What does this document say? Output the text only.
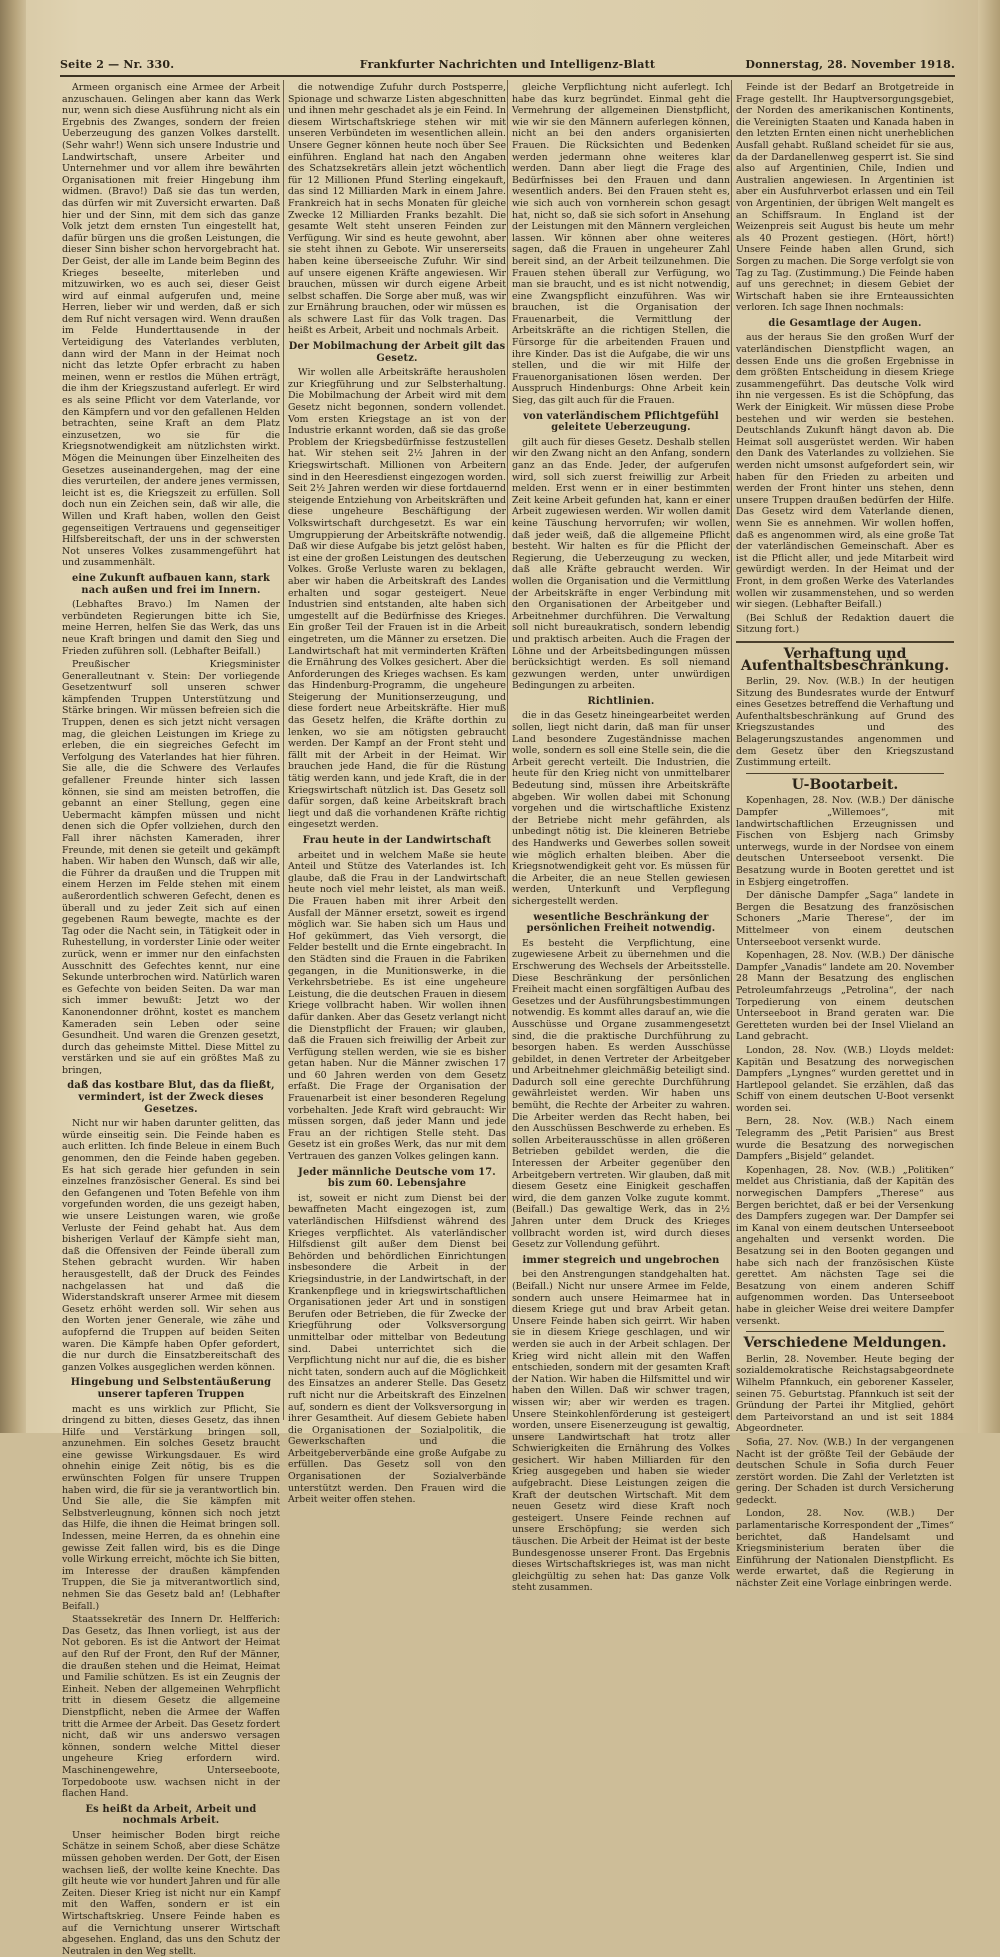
Seite 2 — Nr. 330.	Frankfurter Nachrichten und Intelligenz-Blatt	Donnerstag, 28. November 1918.

Armeen organisch eine Armee der Arbeit anzuschauen. Gelingen aber kann das Werk nur, wenn sich diese Ausführung nicht als ein Ergebnis des Zwanges, sondern der freien Ueberzeugung des ganzen Volkes darstellt. (Sehr wahr!) Wenn sich unsere Industrie und Landwirtschaft, unsere Arbeiter und Unternehmer und vor allem ihre bewährten Organisationen mit freier Hingebung ihm widmen. (Bravo!) Daß sie das tun werden, das dürfen wir mit Zuversicht erwarten. Daß hier und der Sinn, mit dem sich das ganze Volk jetzt dem ernsten Tun eingestellt hat, dafür bürgen uns die großen Leistungen, die dieser Sinn bisher schon hervorgebracht hat. Der Geist, der alle im Lande beim Beginn des Krieges beseelte, miterleben und mitzuwirken, wo es auch sei, dieser Geist wird auf einmal aufgerufen und, meine Herren, lieber wir und werden, daß er sich dem Ruf nicht versagen wird. Wenn draußen im Felde Hunderttausende in der Verteidigung des Vaterlandes verbluten, dann wird der Mann in der Heimat noch nicht das letzte Opfer erbracht zu haben meinen, wenn er restlos die Mühen erträgt, die ihm der Kriegszustand auferlegt. Er wird es als seine Pflicht vor dem Vaterlande, vor den Kämpfern und vor den gefallenen Helden betrachten, seine Kraft an dem Platz einzusetzen, wo sie für die Kriegsnotwendigkeit am nützlichsten wirkt. Mögen die Meinungen über Einzelheiten des Gesetzes auseinandergehen, mag der eine dies verurteilen, der andere jenes vermissen, leicht ist es, die Kriegszeit zu erfüllen. Soll doch nun ein Zeichen sein, daß wir alle, die Willen und Kraft haben, wollen den Geist gegenseitigen Vertrauens und gegenseitiger Hilfsbereitschaft, der uns in der schwersten Not unseres Volkes zusammengeführt hat und zusammenhält.

eine Zukunft aufbauen kann, stark nach außen und frei im Innern.

(Lebhaftes Bravo.) Im Namen der verbündeten Regierungen bitte ich Sie, meine Herren, helfen Sie das Werk, das uns neue Kraft bringen und damit den Sieg und Frieden zuführen soll. (Lebhafter Beifall.)

Preußischer Kriegsminister Generalleutnant v. Stein: Der vorliegende Gesetzentwurf soll unseren schwer kämpfenden Truppen Unterstützung und Stärke bringen. Wir müssen befreien sich die Truppen, denen es sich jetzt nicht versagen mag, die gleichen Leistungen im Kriege zu erleben, die ein siegreiches Gefecht im Verfolgung des Vaterlandes hat hier führen. Sie alle, die die Schwere des Verlaufes gefallener Freunde hinter sich lassen können, sie sind am meisten betroffen, die gebannt an einer Stellung, gegen eine Uebermacht kämpfen müssen und nicht denen sich die Opfer vollziehen, durch den Fall ihrer nächsten Kameraden, ihrer Freunde, mit denen sie geteilt und gekämpft haben. Wir haben den Wunsch, daß wir alle, die Führer da draußen und die Truppen mit einem Herzen im Felde stehen mit einem außerordentlich schweren Gefecht, denen es überall und zu jeder Zeit sich auf einen gegebenen Raum bewegte, machte es der Tag oder die Nacht sein, in Tätigkeit oder in Ruhestellung, in vorderster Linie oder weiter zurück, wenn er immer nur den einfachsten Ausschnitt des Gefechtes kennt, nur eine Sekunde unterbrochen wird. Natürlich waren es Gefechte von beiden Seiten. Da war man sich immer bewußt: Jetzt wo der Kanonendonner dröhnt, kostet es manchem Kameraden sein Leben oder seine Gesundheit. Und waren die Grenzen gesetzt, durch das geheimste Mittel. Diese Mittel zu verstärken und sie auf ein größtes Maß zu bringen,

daß das kostbare Blut, das da fließt, vermindert, ist der Zweck dieses Gesetzes.

Nicht nur wir haben darunter gelitten, das würde einseitig sein. Die Feinde haben es auch erlitten. Ich finde Beleue in einem Buch genommen, den die Feinde haben gegeben. Es hat sich gerade hier gefunden in sein einzelnes französischer General. Es sind bei den Gefangenen und Toten Befehle von ihm vorgefunden worden, die uns gezeigt haben, wie unsere Leistungen waren, wie große Verluste der Feind gehabt hat. Aus dem bisherigen Verlauf der Kämpfe sieht man, daß die Offensiven der Feinde überall zum Stehen gebracht wurden. Wir haben herausgestellt, daß der Druck des Feindes nachgelassen hat und daß die Widerstandskraft unserer Armee mit diesem Gesetz erhöht werden soll. Wir sehen aus den Worten jener Generale, wie zähe und aufopfernd die Truppen auf beiden Seiten waren. Die Kämpfe haben Opfer gefordert, die nur durch die Einsatzbereitschaft des ganzen Volkes ausgeglichen werden können.

Hingebung und Selbstentäußerung unserer tapferen Truppen

macht es uns wirklich zur Pflicht, Sie dringend zu bitten, dieses Gesetz, das ihnen Hilfe und Verstärkung bringen soll, anzunehmen. Ein solches Gesetz braucht eine gewisse Wirkungsdauer. Es wird ohnehin einige Zeit nötig, bis es die erwünschten Folgen für unsere Truppen haben wird, die für sie ja verantwortlich bin. Und Sie alle, die Sie kämpfen mit Selbstverleugnung, können sich noch jetzt das Hilfe, die ihnen die Heimat bringen soll. Indessen, meine Herren, da es ohnehin eine gewisse Zeit fallen wird, bis es die Dinge volle Wirkung erreicht, möchte ich Sie bitten, im Interesse der draußen kämpfenden Truppen, die Sie ja mitverantwortlich sind, nehmen Sie das Gesetz bald an! (Lebhafter Beifall.)

Staatssekretär des Innern Dr. Helfferich: Das Gesetz, das Ihnen vorliegt, ist aus der Not geboren. Es ist die Antwort der Heimat auf den Ruf der Front, den Ruf der Männer, die draußen stehen und die Heimat, Heimat und Familie schützen. Es ist ein Zeugnis der Einheit. Neben der allgemeinen Wehrpflicht tritt in diesem Gesetz die allgemeine Dienstpflicht, neben die Armee der Waffen tritt die Armee der Arbeit. Das Gesetz fordert nicht, daß wir uns anderswo versagen können, sondern welche Mittel dieser ungeheure Krieg erfordern wird. Maschinengewehre, Unterseeboote, Torpedoboote usw. wachsen nicht in der flachen Hand.

Es heißt da Arbeit, Arbeit und nochmals Arbeit.

Unser heimischer Boden birgt reiche Schätze in seinem Schoß, aber diese Schätze müssen gehoben werden. Der Gott, der Eisen wachsen ließ, der wollte keine Knechte. Das gilt heute wie vor hundert Jahren und für alle Zeiten. Dieser Krieg ist nicht nur ein Kampf mit den Waffen, sondern er ist ein Wirtschaftskrieg. Unsere Feinde haben es auf die Vernichtung unserer Wirtschaft abgesehen. England, das uns den Schutz der Neutralen in den Weg stellt.

die notwendige Zufuhr durch Postsperre, Spionage und schwarze Listen abgeschnitten und ihnen mehr geschadet als je ein Feind. In diesem Wirtschaftskriege stehen wir mit unseren Verbündeten im wesentlichen allein. Unsere Gegner können heute noch über See einführen. England hat nach den Angaben des Schatzsekretärs allein jetzt wöchentlich für 12 Millionen Pfund Sterling eingekauft, das sind 12 Milliarden Mark in einem Jahre. Frankreich hat in sechs Monaten für gleiche Zwecke 12 Milliarden Franks bezahlt. Die gesamte Welt steht unseren Feinden zur Verfügung. Wir sind es heute gewohnt, aber sie steht ihnen zu Gebote. Wir unsererseits haben keine überseeische Zufuhr. Wir sind auf unsere eigenen Kräfte angewiesen. Wir brauchen, müssen wir durch eigene Arbeit selbst schaffen. Die Sorge aber muß, was wir zur Ernährung brauchen, oder wir müssen es als schwere Last für das Volk tragen. Das heißt es Arbeit, Arbeit und nochmals Arbeit.

Der Mobilmachung der Arbeit gilt das Gesetz.

Wir wollen alle Arbeitskräfte herausholen zur Kriegführung und zur Selbsterhaltung. Die Mobilmachung der Arbeit wird mit dem Gesetz nicht begonnen, sondern vollendet. Vom ersten Kriegstage an ist von der Industrie erkannt worden, daß sie das große Problem der Kriegsbedürfnisse festzustellen hat. Wir stehen seit 2½ Jahren in der Kriegswirtschaft. Millionen von Arbeitern sind in den Heeresdienst eingezogen worden. Seit 2½ Jahren werden wir diese fortdauernd steigende Entziehung von Arbeitskräften und diese ungeheure Beschäftigung der Volkswirtschaft durchgesetzt. Es war ein Umgruppierung der Arbeitskräfte notwendig. Daß wir diese Aufgabe bis jetzt gelöst haben, ist eine der großen Leistungen des deutschen Volkes. Große Verluste waren zu beklagen, aber wir haben die Arbeitskraft des Landes erhalten und sogar gesteigert. Neue Industrien sind entstanden, alte haben sich umgestellt auf die Bedürfnisse des Krieges. Ein großer Teil der Frauen ist in die Arbeit eingetreten, um die Männer zu ersetzen. Die Landwirtschaft hat mit verminderten Kräften die Ernährung des Volkes gesichert. Aber die Anforderungen des Krieges wachsen. Es kam das Hindenburg-Programm, die ungeheure Steigerung der Munitionserzeugung, und diese fordert neue Arbeitskräfte. Hier muß das Gesetz helfen, die Kräfte dorthin zu lenken, wo sie am nötigsten gebraucht werden. Der Kampf an der Front steht und fällt mit der Arbeit in der Heimat. Wir brauchen jede Hand, die für die Rüstung tätig werden kann, und jede Kraft, die in der Kriegswirtschaft nützlich ist. Das Gesetz soll dafür sorgen, daß keine Arbeitskraft brach liegt und daß die vorhandenen Kräfte richtig eingesetzt werden.

Frau heute in der Landwirtschaft

arbeitet und in welchem Maße sie heute Anteil und Stütze des Vaterlandes ist. Ich glaube, daß die Frau in der Landwirtschaft heute noch viel mehr leistet, als man weiß. Die Frauen haben mit ihrer Arbeit den Ausfall der Männer ersetzt, soweit es irgend möglich war. Sie haben sich um Haus und Hof gekümmert, das Vieh versorgt, die Felder bestellt und die Ernte eingebracht. In den Städten sind die Frauen in die Fabriken gegangen, in die Munitionswerke, in die Verkehrsbetriebe. Es ist eine ungeheure Leistung, die die deutschen Frauen in diesem Kriege vollbracht haben. Wir wollen ihnen dafür danken. Aber das Gesetz verlangt nicht die Dienstpflicht der Frauen; wir glauben, daß die Frauen sich freiwillig der Arbeit zur Verfügung stellen werden, wie sie es bisher getan haben. Nur die Männer zwischen 17 und 60 Jahren werden von dem Gesetz erfaßt. Die Frage der Organisation der Frauenarbeit ist einer besonderen Regelung vorbehalten. Jede Kraft wird gebraucht: Wir müssen sorgen, daß jeder Mann und jede Frau an der richtigen Stelle steht. Das Gesetz ist ein großes Werk, das nur mit dem Vertrauen des ganzen Volkes gelingen kann.

Jeder männliche Deutsche vom 17. bis zum 60. Lebensjahre

ist, soweit er nicht zum Dienst bei der bewaffneten Macht eingezogen ist, zum vaterländischen Hilfsdienst während des Krieges verpflichtet. Als vaterländischer Hilfsdienst gilt außer dem Dienst bei Behörden und behördlichen Einrichtungen insbesondere die Arbeit in der Kriegsindustrie, in der Landwirtschaft, in der Krankenpflege und in kriegswirtschaftlichen Organisationen jeder Art und in sonstigen Berufen oder Betrieben, die für Zwecke der Kriegführung oder Volksversorgung unmittelbar oder mittelbar von Bedeutung sind. Dabei unterrichtet sich die Verpflichtung nicht nur auf die, die es bisher nicht taten, sondern auch auf die Möglichkeit des Einsatzes an anderer Stelle. Das Gesetz ruft nicht nur die Arbeitskraft des Einzelnen auf, sondern es dient der Volksversorgung in ihrer Gesamtheit. Auf diesem Gebiete haben die Organisationen der Sozialpolitik, die Gewerkschaften und die Arbeitgeberverbände eine große Aufgabe zu erfüllen. Das Gesetz soll von den Organisationen der Sozialverbände unterstützt werden. Den Frauen wird die Arbeit weiter offen stehen.

gleiche Verpflichtung nicht auferlegt. Ich habe das kurz begründet. Einmal geht die Vermehrung der allgemeinen Dienstpflicht, wie wir sie den Männern auferlegen können, nicht an bei den anders organisierten Frauen. Die Rücksichten und Bedenken werden jedermann ohne weiteres klar werden. Dann aber liegt die Frage des Bedürfnisses bei den Frauen und dann wesentlich anders. Bei den Frauen steht es, wie sich auch von vornherein schon gesagt hat, nicht so, daß sie sich sofort in Ansehung der Leistungen mit den Männern vergleichen lassen. Wir können aber ohne weiteres sagen, daß die Frauen in ungeheurer Zahl bereit sind, an der Arbeit teilzunehmen. Die Frauen stehen überall zur Verfügung, wo man sie braucht, und es ist nicht notwendig, eine Zwangspflicht einzuführen. Was wir brauchen, ist die Organisation der Frauenarbeit, die Vermittlung der Arbeitskräfte an die richtigen Stellen, die Fürsorge für die arbeitenden Frauen und ihre Kinder. Das ist die Aufgabe, die wir uns stellen, und die wir mit Hilfe der Frauenorganisationen lösen werden. Der Ausspruch Hindenburgs: Ohne Arbeit kein Sieg, das gilt auch für die Frauen.

von vaterländischem Pflichtgefühl geleitete Ueberzeugung.

gilt auch für dieses Gesetz. Deshalb stellen wir den Zwang nicht an den Anfang, sondern ganz an das Ende. Jeder, der aufgerufen wird, soll sich zuerst freiwillig zur Arbeit melden. Erst wenn er in einer bestimmten Zeit keine Arbeit gefunden hat, kann er einer Arbeit zugewiesen werden. Wir wollen damit keine Täuschung hervorrufen; wir wollen, daß jeder weiß, daß die allgemeine Pflicht besteht. Wir halten es für die Pflicht der Regierung, die Ueberzeugung zu wecken, daß alle Kräfte gebraucht werden. Wir wollen die Organisation und die Vermittlung der Arbeitskräfte in enger Verbindung mit den Organisationen der Arbeitgeber und Arbeitnehmer durchführen. Die Verwaltung soll nicht bureaukratisch, sondern lebendig und praktisch arbeiten. Auch die Fragen der Löhne und der Arbeitsbedingungen müssen berücksichtigt werden. Es soll niemand gezwungen werden, unter unwürdigen Bedingungen zu arbeiten.

Richtlinien.

die in das Gesetz hineingearbeitet werden sollen, liegt nicht darin, daß man für unser Land besondere Zugeständnisse machen wolle, sondern es soll eine Stelle sein, die die Arbeit gerecht verteilt. Die Industrien, die heute für den Krieg nicht von unmittelbarer Bedeutung sind, müssen ihre Arbeitskräfte abgeben. Wir wollen dabei mit Schonung vorgehen und die wirtschaftliche Existenz der Betriebe nicht mehr gefährden, als unbedingt nötig ist. Die kleineren Betriebe des Handwerks und Gewerbes sollen soweit wie möglich erhalten bleiben. Aber die Kriegsnotwendigkeit geht vor. Es müssen für die Arbeiter, die an neue Stellen gewiesen werden, Unterkunft und Verpflegung sichergestellt werden.

wesentliche Beschränkung der persönlichen Freiheit notwendig.

Es besteht die Verpflichtung, eine zugewiesene Arbeit zu übernehmen und die Erschwerung des Wechsels der Arbeitsstelle. Diese Beschränkung der persönlichen Freiheit macht einen sorgfältigen Aufbau des Gesetzes und der Ausführungsbestimmungen notwendig. Es kommt alles darauf an, wie die Ausschüsse und Organe zusammengesetzt sind, die die praktische Durchführung zu besorgen haben. Es werden Ausschüsse gebildet, in denen Vertreter der Arbeitgeber und Arbeitnehmer gleichmäßig beteiligt sind. Dadurch soll eine gerechte Durchführung gewährleistet werden. Wir haben uns bemüht, die Rechte der Arbeiter zu wahren. Die Arbeiter werden das Recht haben, bei den Ausschüssen Beschwerde zu erheben. Es sollen Arbeiterausschüsse in allen größeren Betrieben gebildet werden, die die Interessen der Arbeiter gegenüber den Arbeitgebern vertreten. Wir glauben, daß mit diesem Gesetz eine Einigkeit geschaffen wird, die dem ganzen Volke zugute kommt. (Beifall.) Das gewaltige Werk, das in 2½ Jahren unter dem Druck des Krieges vollbracht worden ist, wird durch dieses Gesetz zur Vollendung geführt.

immer stegreich und ungebrochen

bei den Anstrengungen standgehalten hat. (Beifall.) Nicht nur unsere Armee im Felde, sondern auch unsere Heimarmee hat in diesem Kriege gut und brav Arbeit getan. Unsere Feinde haben sich geirrt. Wir haben sie in diesem Kriege geschlagen, und wir werden sie auch in der Arbeit schlagen. Der Krieg wird nicht allein mit den Waffen entschieden, sondern mit der gesamten Kraft der Nation. Wir haben die Hilfsmittel und wir haben den Willen. Daß wir schwer tragen, wissen wir; aber wir werden es tragen. Unsere Steinkohlenförderung ist gesteigert worden, unsere Eisenerzeugung ist gewaltig, unsere Landwirtschaft hat trotz aller Schwierigkeiten die Ernährung des Volkes gesichert. Wir haben Milliarden für den Krieg ausgegeben und haben sie wieder aufgebracht. Diese Leistungen zeigen die Kraft der deutschen Wirtschaft. Mit dem neuen Gesetz wird diese Kraft noch gesteigert. Unsere Feinde rechnen auf unsere Erschöpfung; sie werden sich täuschen. Die Arbeit der Heimat ist der beste Bundesgenosse unserer Front. Das Ergebnis dieses Wirtschaftskrieges ist, was man nicht gleichgültig zu sehen hat: Das ganze Volk steht zusammen.

Feinde ist der Bedarf an Brotgetreide in Frage gestellt. Ihr Hauptversorgungsgebiet, der Norden des amerikanischen Kontinents, die Vereinigten Staaten und Kanada haben in den letzten Ernten einen nicht unerheblichen Ausfall gehabt. Rußland scheidet für sie aus, da der Dardanellenweg gesperrt ist. Sie sind also auf Argentinien, Chile, Indien und Australien angewiesen. In Argentinien ist aber ein Ausfuhrverbot erlassen und ein Teil von Argentinien, der übrigen Welt mangelt es an Schiffsraum. In England ist der Weizenpreis seit August bis heute um mehr als 40 Prozent gestiegen. (Hört, hört!) Unsere Feinde haben allen Grund, sich Sorgen zu machen. Die Sorge verfolgt sie von Tag zu Tag. (Zustimmung.) Die Feinde haben auf uns gerechnet; in diesem Gebiet der Wirtschaft haben sie ihre Ernteaussichten verloren. Ich sage Ihnen nochmals:

die Gesamtlage der Augen.

aus der heraus Sie den großen Wurf der vaterländischen Dienstpflicht wagen, an dessen Ende uns die großen Ergebnisse in dem größten Entscheidung in diesem Kriege zusammengeführt. Das deutsche Volk wird ihn nie vergessen. Es ist die Schöpfung, das Werk der Einigkeit. Wir müssen diese Probe bestehen und wir werden sie bestehen. Deutschlands Zukunft hängt davon ab. Die Heimat soll ausgerüstet werden. Wir haben den Dank des Vaterlandes zu vollziehen. Sie werden nicht umsonst aufgefordert sein, wir haben für den Frieden zu arbeiten und werden der Front hinter uns stehen, denn unsere Truppen draußen bedürfen der Hilfe. Das Gesetz wird dem Vaterlande dienen, wenn Sie es annehmen. Wir wollen hoffen, daß es angenommen wird, als eine große Tat der vaterländischen Gemeinschaft. Aber es ist die Pflicht aller, und jede Mitarbeit wird gewürdigt werden. In der Heimat und der Front, in dem großen Werke des Vaterlandes wollen wir zusammenstehen, und so werden wir siegen. (Lebhafter Beifall.)

(Bei Schluß der Redaktion dauert die Sitzung fort.)

Verhaftung und Aufenthaltsbeschränkung.

Berlin, 29. Nov. (W.B.) In der heutigen Sitzung des Bundesrates wurde der Entwurf eines Gesetzes betreffend die Verhaftung und Aufenthaltsbeschränkung auf Grund des Kriegszustandes und des Belagerungszustandes angenommen und dem Gesetz über den Kriegszustand Zustimmung erteilt.

U-Bootarbeit.

Kopenhagen, 28. Nov. (W.B.) Der dänische Dampfer „Willemoes“, mit landwirtschaftlichen Erzeugnissen und Fischen von Esbjerg nach Grimsby unterwegs, wurde in der Nordsee von einem deutschen Unterseeboot versenkt. Die Besatzung wurde in Booten gerettet und ist in Esbjerg eingetroffen.

Der dänische Dampfer „Saga“ landete in Bergen die Besatzung des französischen Schoners „Marie Therese“, der im Mittelmeer von einem deutschen Unterseeboot versenkt wurde.

Kopenhagen, 28. Nov. (W.B.) Der dänische Dampfer „Vanadis“ landete am 20. November 28 Mann der Besatzung des englischen Petroleumfahrzeugs „Petrolina“, der nach Torpedierung von einem deutschen Unterseeboot in Brand geraten war. Die Geretteten wurden bei der Insel Vlieland an Land gebracht.

London, 28. Nov. (W.B.) Lloyds meldet: Kapitän und Besatzung des norwegischen Dampfers „Lyngnes“ wurden gerettet und in Hartlepool gelandet. Sie erzählen, daß das Schiff von einem deutschen U-Boot versenkt worden sei.

Bern, 28. Nov. (W.B.) Nach einem Telegramm des „Petit Parisien“ aus Brest wurde die Besatzung des norwegischen Dampfers „Bisjeld“ gelandet.

Kopenhagen, 28. Nov. (W.B.) „Politiken“ meldet aus Christiania, daß der Kapitän des norwegischen Dampfers „Therese“ aus Bergen berichtet, daß er bei der Versenkung des Dampfers zugegen war. Der Dampfer sei im Kanal von einem deutschen Unterseeboot angehalten und versenkt worden. Die Besatzung sei in den Booten gegangen und habe sich nach der französischen Küste gerettet. Am nächsten Tage sei die Besatzung von einem anderen Schiff aufgenommen worden. Das Unterseeboot habe in gleicher Weise drei weitere Dampfer versenkt.

Verschiedene Meldungen.

Berlin, 28. November. Heute beging der sozialdemokratische Reichstagsabgeordnete Wilhelm Pfannkuch, ein geborener Kasseler, seinen 75. Geburtstag. Pfannkuch ist seit der Gründung der Partei ihr Mitglied, gehört dem Parteivorstand an und ist seit 1884 Abgeordneter.

Sofia, 27. Nov. (W.B.) In der vergangenen Nacht ist der größte Teil der Gebäude der deutschen Schule in Sofia durch Feuer zerstört worden. Die Zahl der Verletzten ist gering. Der Schaden ist durch Versicherung gedeckt.

London, 28. Nov. (W.B.) Der parlamentarische Korrespondent der „Times“ berichtet, daß Handelsamt und Kriegsministerium beraten über die Einführung der Nationalen Dienstpflicht. Es werde erwartet, daß die Regierung in nächster Zeit eine Vorlage einbringen werde.
